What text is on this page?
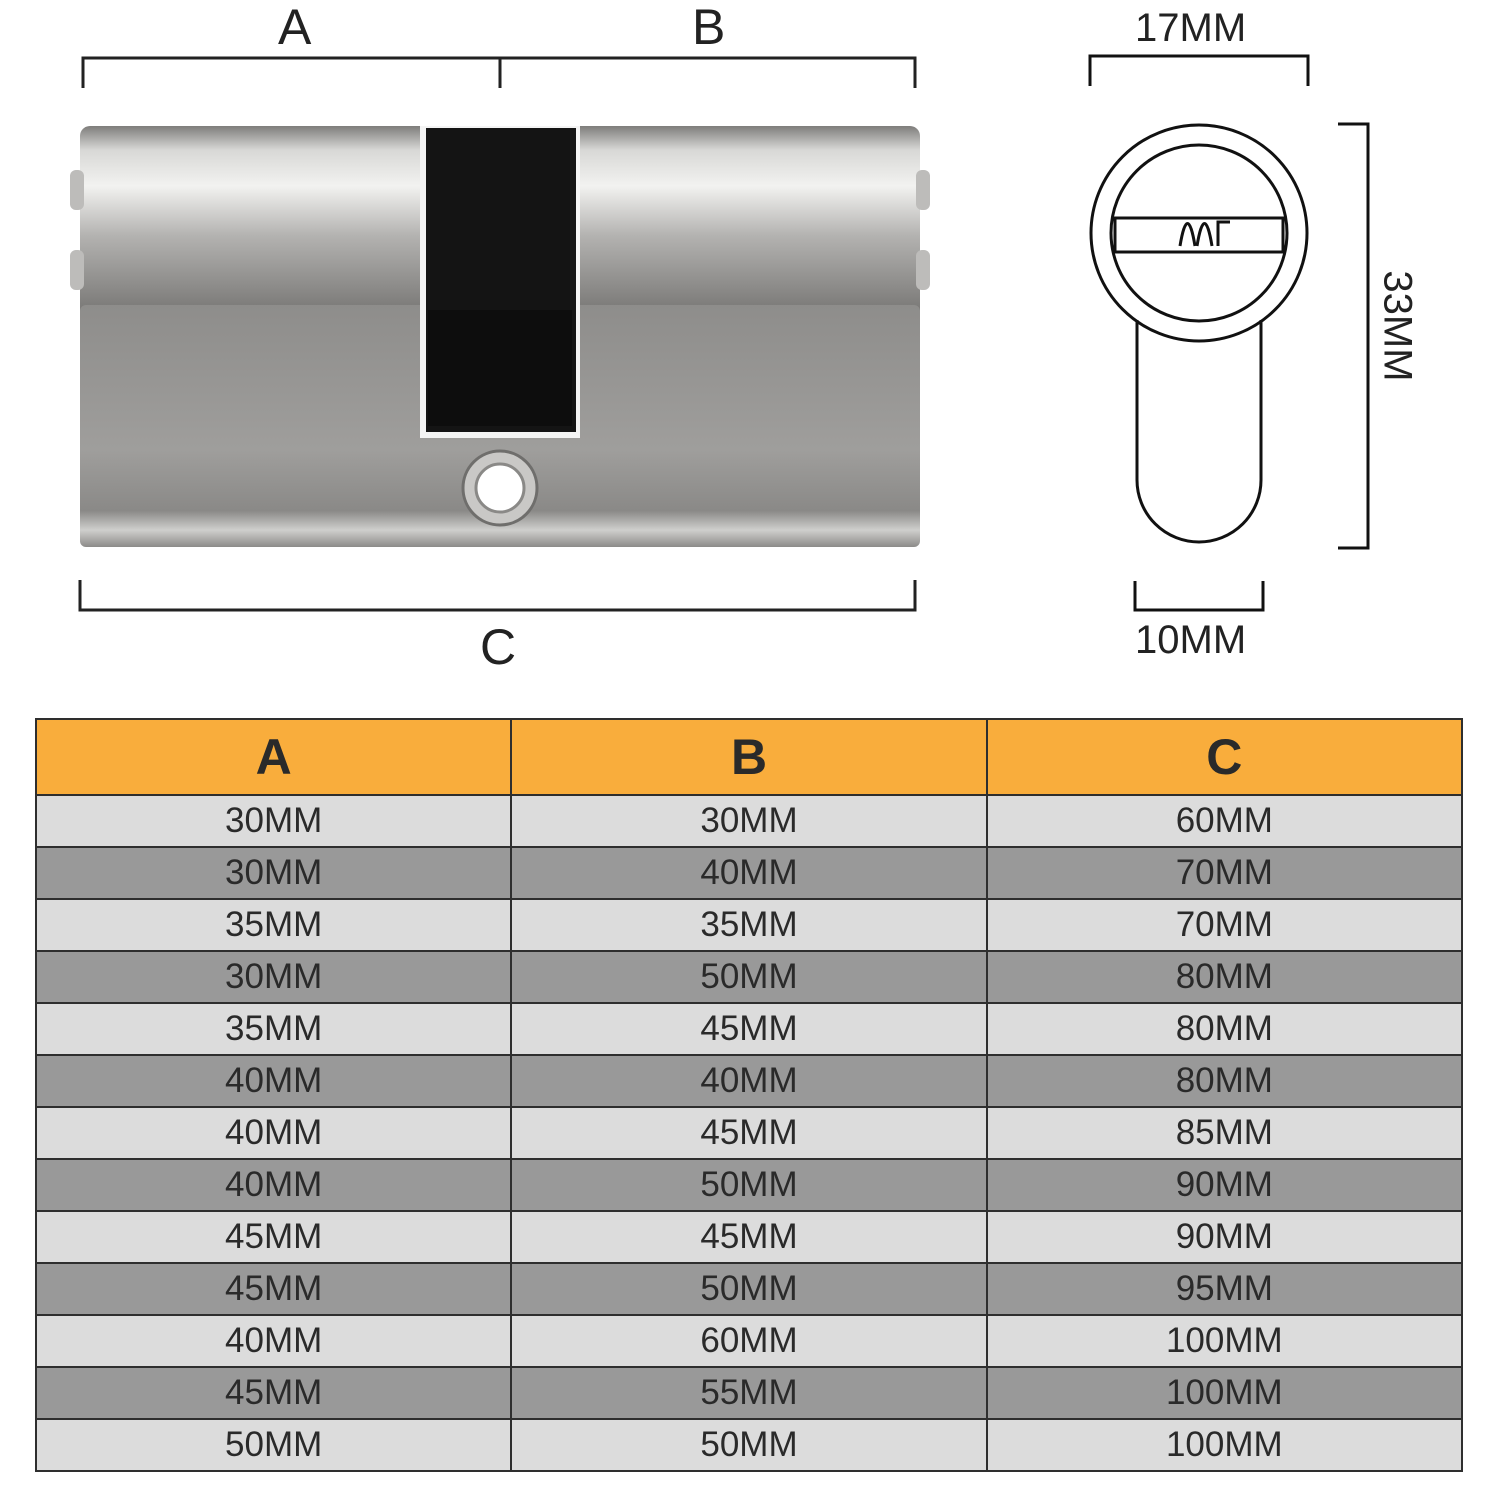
A	B
C
17MM
33MM
10MM
A	B	C
30MM	30MM	60MM
30MM	40MM	70MM
35MM	35MM	70MM
30MM	50MM	80MM
35MM	45MM	80MM
40MM	40MM	80MM
40MM	45MM	85MM
40MM	50MM	90MM
45MM	45MM	90MM
45MM	50MM	95MM
40MM	60MM	100MM
45MM	55MM	100MM
50MM	50MM	100MM
